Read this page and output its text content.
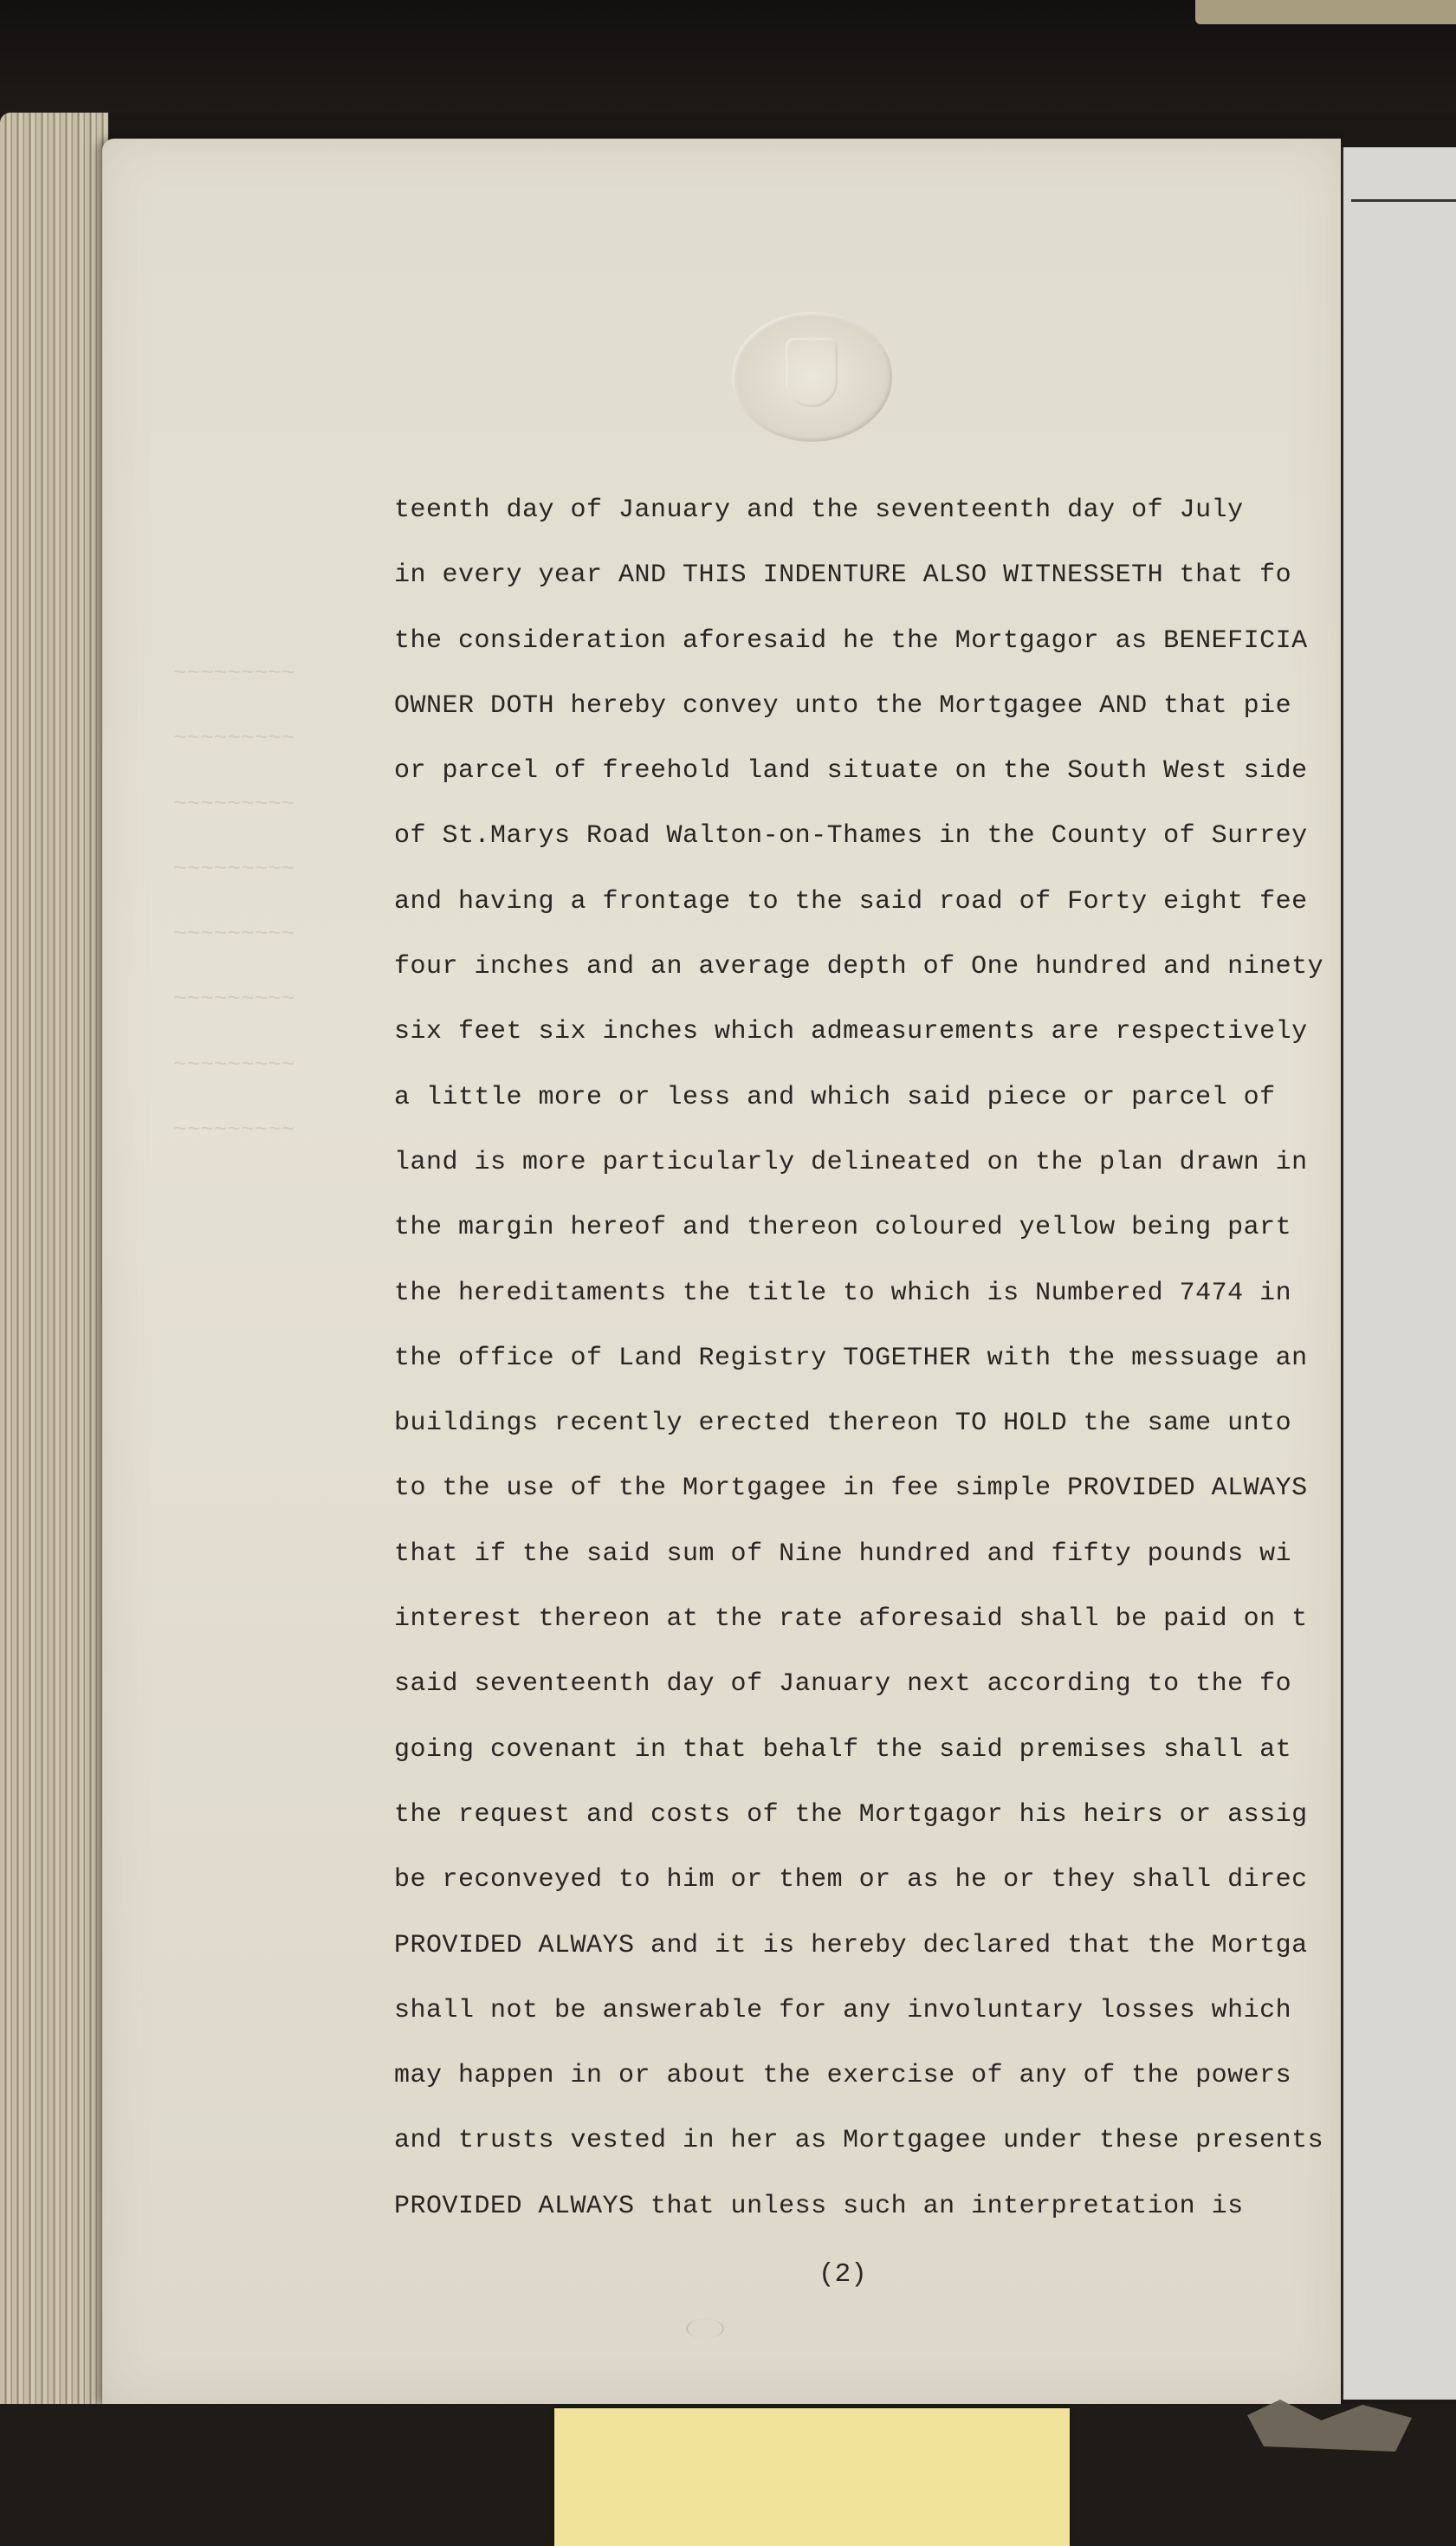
~~~~~~~~~
~~~~~~~~~
~~~~~~~~~
~~~~~~~~~
~~~~~~~~~
~~~~~~~~~
~~~~~~~~~
~~~~~~~~~
teenth day of January and the seventeenth day of July
in every year AND THIS INDENTURE ALSO WITNESSETH that fo
the consideration aforesaid he the Mortgagor as BENEFICIA
OWNER DOTH hereby convey unto the Mortgagee AND that pie
or parcel of freehold land situate on the South West side
of St.Marys Road Walton-on-Thames in the County of Surrey
and having a frontage to the said road of Forty eight fee
four inches and an average depth of One hundred and ninety
six feet six inches which admeasurements are respectively
a little more or less and which said piece or parcel of
land is more particularly delineated on the plan drawn in
the margin hereof and thereon coloured yellow being part
the hereditaments the title to which is Numbered 7474 in
the office of Land Registry TOGETHER with the messuage an
buildings recently erected thereon TO HOLD the same unto
to the use of the Mortgagee in fee simple PROVIDED ALWAYS
that if the said sum of Nine hundred and fifty pounds wi
interest thereon at the rate aforesaid shall be paid on t
said seventeenth day of January next according to the fo
going covenant in that behalf the said premises shall at
the request and costs of the Mortgagor his heirs or assig
be reconveyed to him or them or as he or they shall direc
PROVIDED ALWAYS and it is hereby declared that the Mortga
shall not be answerable for any involuntary losses which
may happen in or about the exercise of any of the powers
and trusts vested in her as Mortgagee under these presents
PROVIDED ALWAYS that unless such an interpretation is
(2)
